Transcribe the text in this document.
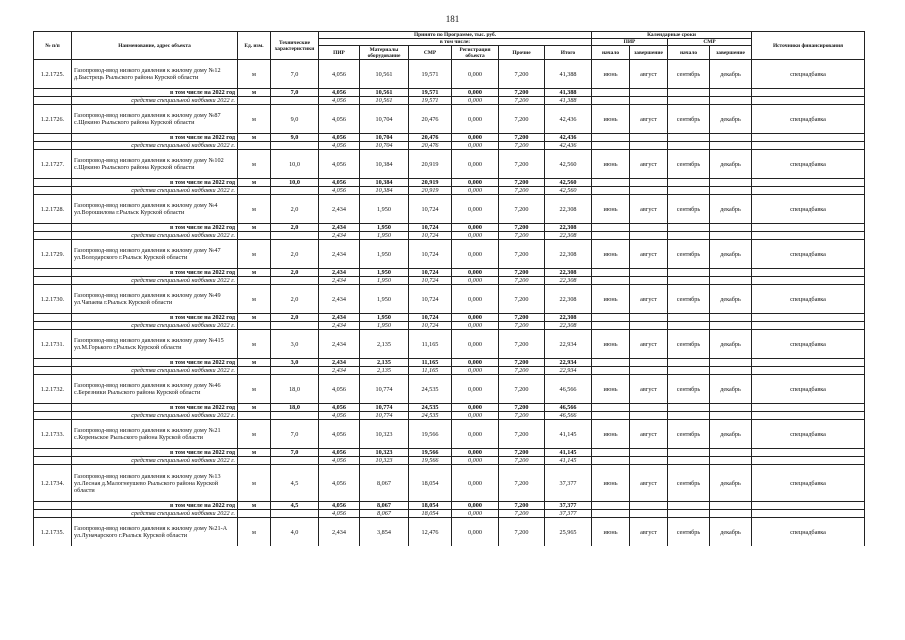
181
№ п/п	Наименование, адрес объекта	Ед. изм.	Технические характеристики	Принято по Программе, тыс. руб.						Календарные сроки				Источники финансирования
				в том числе:						ПИР		СМР		
				ПИР	Материалы оборудование	СМР	Регистрация объекта	Прочие	Итого	начало	завершение	начало	завершение	
1.2.1725.	Газопровод-ввод низкого давления к жилому дому №12 д.Быстрець Рыльского района Курской области	м	7,0	4,056	10,561	19,571	0,000	7,200	41,388	июнь	август	сентябрь	декабрь	спецнадбавка
	в том числе на 2022 год	м	7,0	4,056	10,561	19,571	0,000	7,200	41,388					
	средства специальной надбавки 2022 г.			4,056	10,561	19,571	0,000	7,200	41,388					
1.2.1726.	Газопровод-ввод низкого давления к жилому дому №87 с.Щекино Рыльского района Курской области	м	9,0	4,056	10,704	20,476	0,000	7,200	42,436	июнь	август	сентябрь	декабрь	спецнадбавка
	в том числе на 2022 год	м	9,0	4,056	10,704	20,476	0,000	7,200	42,436					
	средства специальной надбавки 2022 г.			4,056	10,704	20,476	0,000	7,200	42,436					
1.2.1727.	Газопровод-ввод низкого давления к жилому дому №102 с.Щекино Рыльского района Курской области	м	10,0	4,056	10,384	20,919	0,000	7,200	42,560	июнь	август	сентябрь	декабрь	спецнадбавка
	в том числе на 2022 год	м	10,0	4,056	10,384	20,919	0,000	7,200	42,560					
	средства специальной надбавки 2022 г.			4,056	10,384	20,919	0,000	7,200	42,560					
1.2.1728.	Газопровод-ввод низкого давления к жилому дому №4 ул.Ворошилова г.Рыльск Курской области	м	2,0	2,434	1,950	10,724	0,000	7,200	22,308	июнь	август	сентябрь	декабрь	спецнадбавка
	в том числе на 2022 год	м	2,0	2,434	1,950	10,724	0,000	7,200	22,308					
	средства специальной надбавки 2022 г.			2,434	1,950	10,724	0,000	7,200	22,308					
1.2.1729.	Газопровод-ввод низкого давления к жилому дому №47 ул.Володарского г.Рыльск Курской области	м	2,0	2,434	1,950	10,724	0,000	7,200	22,308	июнь	август	сентябрь	декабрь	спецнадбавка
	в том числе на 2022 год	м	2,0	2,434	1,950	10,724	0,000	7,200	22,308					
	средства специальной надбавки 2022 г.			2,434	1,950	10,724	0,000	7,200	22,308					
1.2.1730.	Газопровод-ввод низкого давления к жилому дому №49 ул.Чапаева г.Рыльск Курской области	м	2,0	2,434	1,950	10,724	0,000	7,200	22,308	июнь	август	сентябрь	декабрь	спецнадбавка
	в том числе на 2022 год	м	2,0	2,434	1,950	10,724	0,000	7,200	22,308					
	средства специальной надбавки 2022 г.			2,434	1,950	10,724	0,000	7,200	22,308					
1.2.1731.	Газопровод-ввод низкого давления к жилому дому №415 ул.М.Горького г.Рыльск Курской области	м	3,0	2,434	2,135	11,165	0,000	7,200	22,934	июнь	август	сентябрь	декабрь	спецнадбавка
	в том числе на 2022 год	м	3,0	2,434	2,135	11,165	0,000	7,200	22,934					
	средства специальной надбавки 2022 г.			2,434	2,135	11,165	0,000	7,200	22,934					
1.2.1732.	Газопровод-ввод низкого давления к жилому дому №46 с.Березники Рыльского района Курской области	м	18,0	4,056	10,774	24,535	0,000	7,200	46,566	июнь	август	сентябрь	декабрь	спецнадбавка
	в том числе на 2022 год	м	18,0	4,056	10,774	24,535	0,000	7,200	46,566					
	средства специальной надбавки 2022 г.			4,056	10,774	24,535	0,000	7,200	46,566					
1.2.1733.	Газопровод-ввод низкого давления к жилому дому №21 с.Кореньское Рыльского района Курской области	м	7,0	4,056	10,323	19,566	0,000	7,200	41,145	июнь	август	сентябрь	декабрь	спецнадбавка
	в том числе на 2022 год	м	7,0	4,056	10,323	19,566	0,000	7,200	41,145					
	средства специальной надбавки 2022 г.			4,056	10,323	19,566	0,000	7,200	41,145					
1.2.1734.	Газопровод-ввод низкого давления к жилому дому №13 ул.Лесная д.Малогнеушево Рыльского района Курской области	м	4,5	4,056	8,067	18,054	0,000	7,200	37,377	июнь	август	сентябрь	декабрь	спецнадбавка
	в том числе на 2022 год	м	4,5	4,056	8,067	18,054	0,000	7,200	37,377					
	средства специальной надбавки 2022 г.			4,056	8,067	18,054	0,000	7,200	37,377					
1.2.1735.	Газопровод-ввод низкого давления к жилому дому №21-А ул.Луначарского г.Рыльск Курской области	м	4,0	2,434	3,854	12,476	0,000	7,200	25,965	июнь	август	сентябрь	декабрь	спецнадбавка
